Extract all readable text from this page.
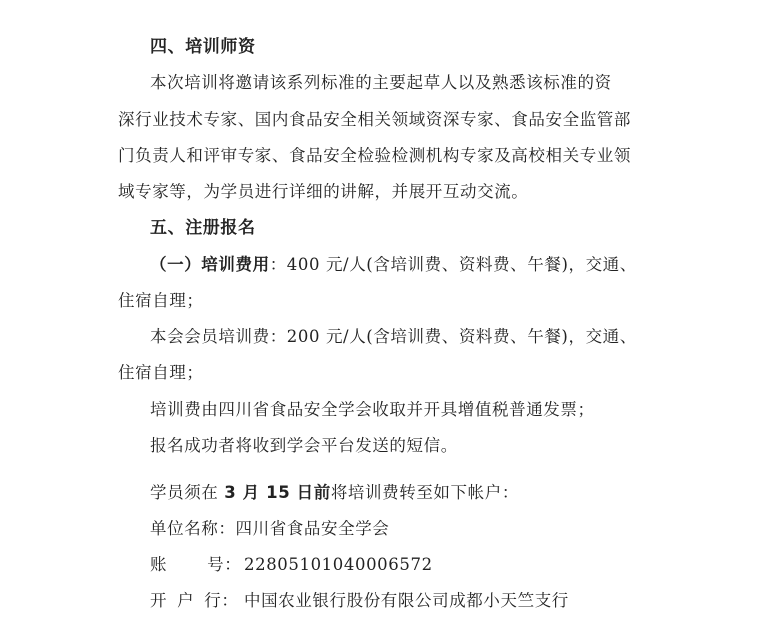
四、培训师资
本次培训将邀请该系列标准的主要起草人以及熟悉该标准的资
深行业技术专家、国内食品安全相关领域资深专家、食品安全监管部
门负责人和评审专家、食品安全检验检测机构专家及高校相关专业领
域专家等，为学员进行详细的讲解，并展开互动交流。
五、注册报名
（一）培训费用：400 元/人(含培训费、资料费、午餐)，交通、
住宿自理；
本会会员培训费：200 元/人(含培训费、资料费、午餐)，交通、
住宿自理；
培训费由四川省食品安全学会收取并开具增值税普通发票；
报名成功者将收到学会平台发送的短信。
学员须在 3 月 15 日前将培训费转至如下帐户：
单位名称：四川省食品安全学会
账 号： 22805101040006572
开 户 行： 中国农业银行股份有限公司成都小天竺支行
